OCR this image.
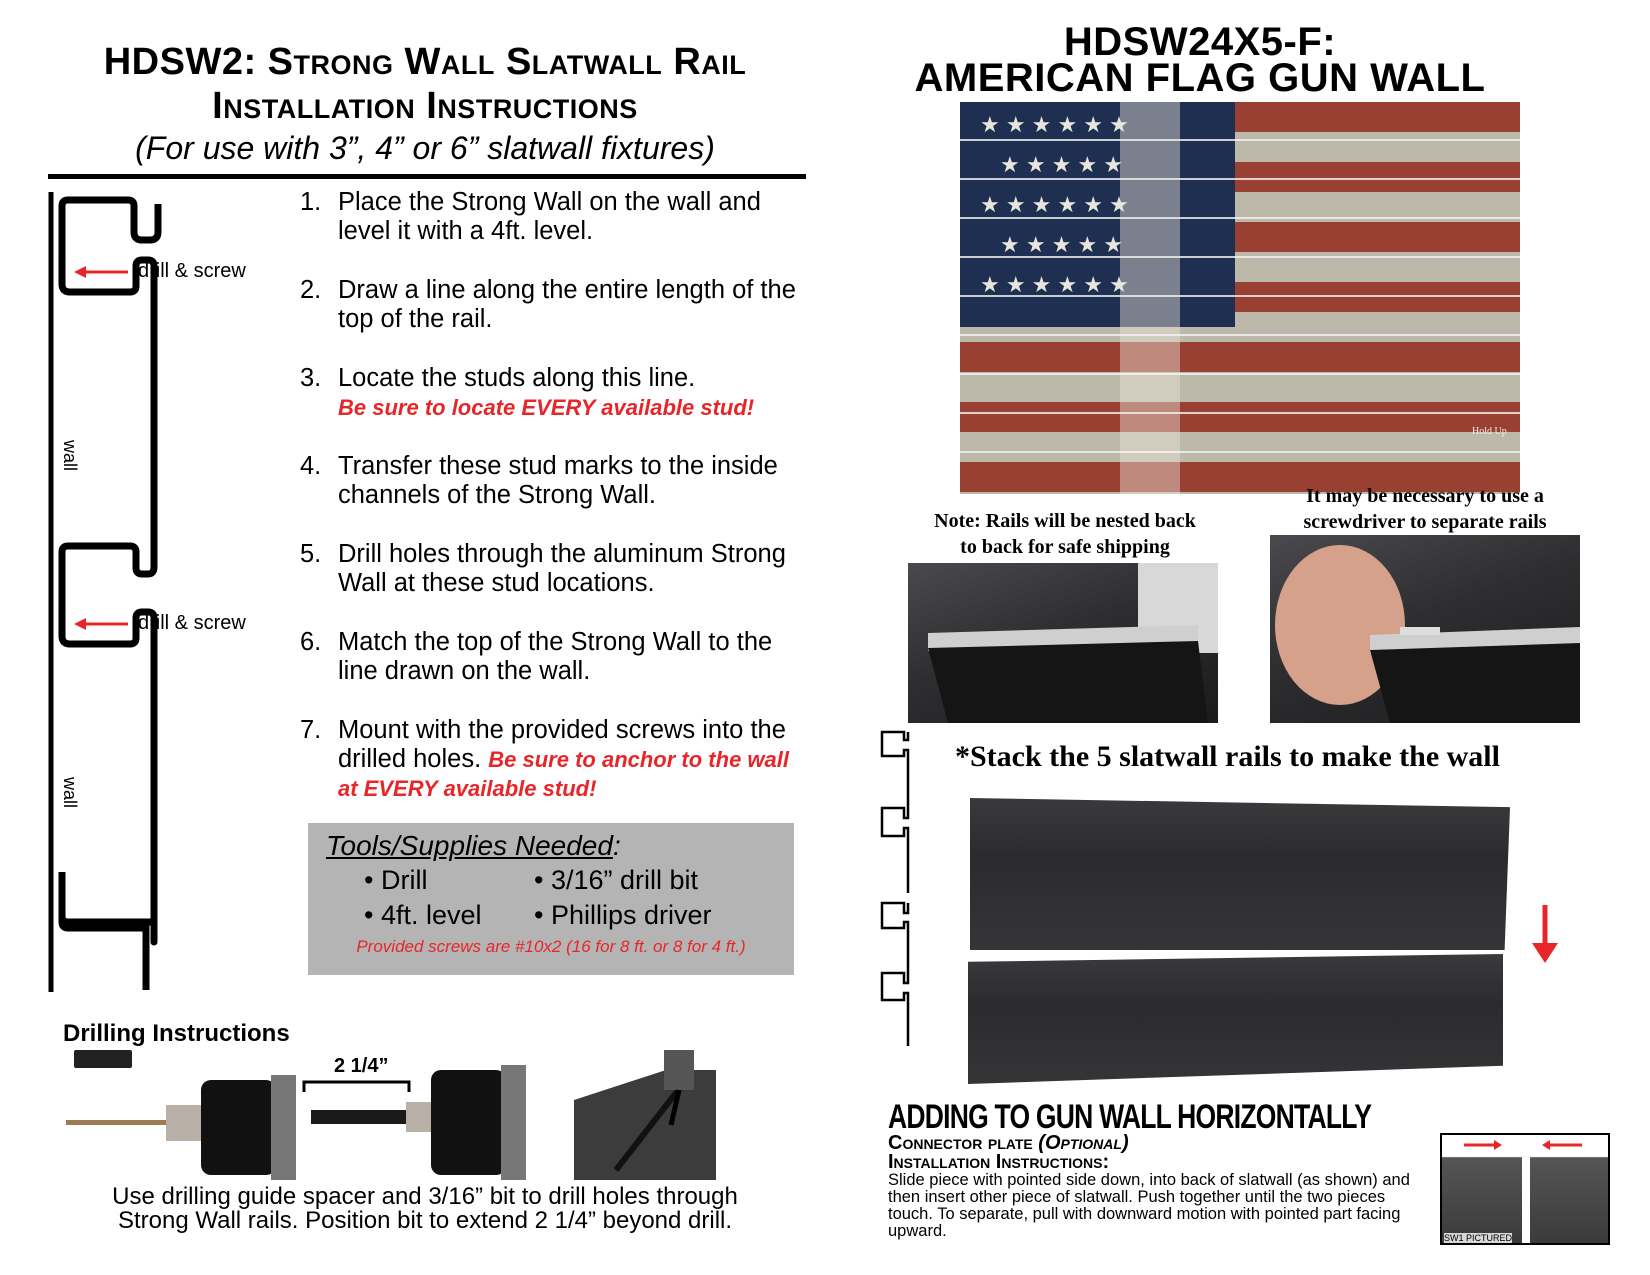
HDSW2: Strong Wall Slatwall Rail
Installation Instructions
(For use with 3”, 4” or 6” slatwall fixtures)
drill & screw
drill & screw
wall
wall
1. Place the Strong Wall on the wall and level it with a 4ft. level.
2. Draw a line along the entire length of the top of the rail.
3. Locate the studs along this line.
Be sure to locate EVERY available stud!
4. Transfer these stud marks to the inside channels of the Strong Wall.
5. Drill holes through the aluminum Strong Wall at these stud locations.
6. Match the top of the Strong Wall to the line drawn on the wall.
7. Mount with the provided screws into the drilled holes. Be sure to anchor to the wall at EVERY available stud!
Tools/Supplies Needed:
• Drill	• 3/16” drill bit
• 4ft. level	• Phillips driver
Provided screws are #10x2 (16 for 8 ft. or 8 for 4 ft.)
Drilling Instructions
2 1/4”
Use drilling guide spacer and 3/16” bit to drill holes through
Strong Wall rails. Position bit to extend 2 1/4” beyond drill.
HDSW24X5-F:
AMERICAN FLAG GUN WALL
★ ★ ★ ★ ★ ★
★ ★ ★ ★ ★
★ ★ ★ ★ ★ ★
★ ★ ★ ★ ★
★ ★ ★ ★ ★ ★
Hold Up
Note: Rails will be nested back
to back for safe shipping
It may be necessary to use a
screwdriver to separate rails
*Stack the 5 slatwall rails to make the wall
ADDING TO GUN WALL HORIZONTALLY
Connector plate (Optional)
Installation Instructions:
Slide piece with pointed side down, into back of slatwall (as shown) and then insert other piece of slatwall. Push together until the two pieces touch. To separate, pull with downward motion with pointed part facing upward.	SW1 PICTURED
